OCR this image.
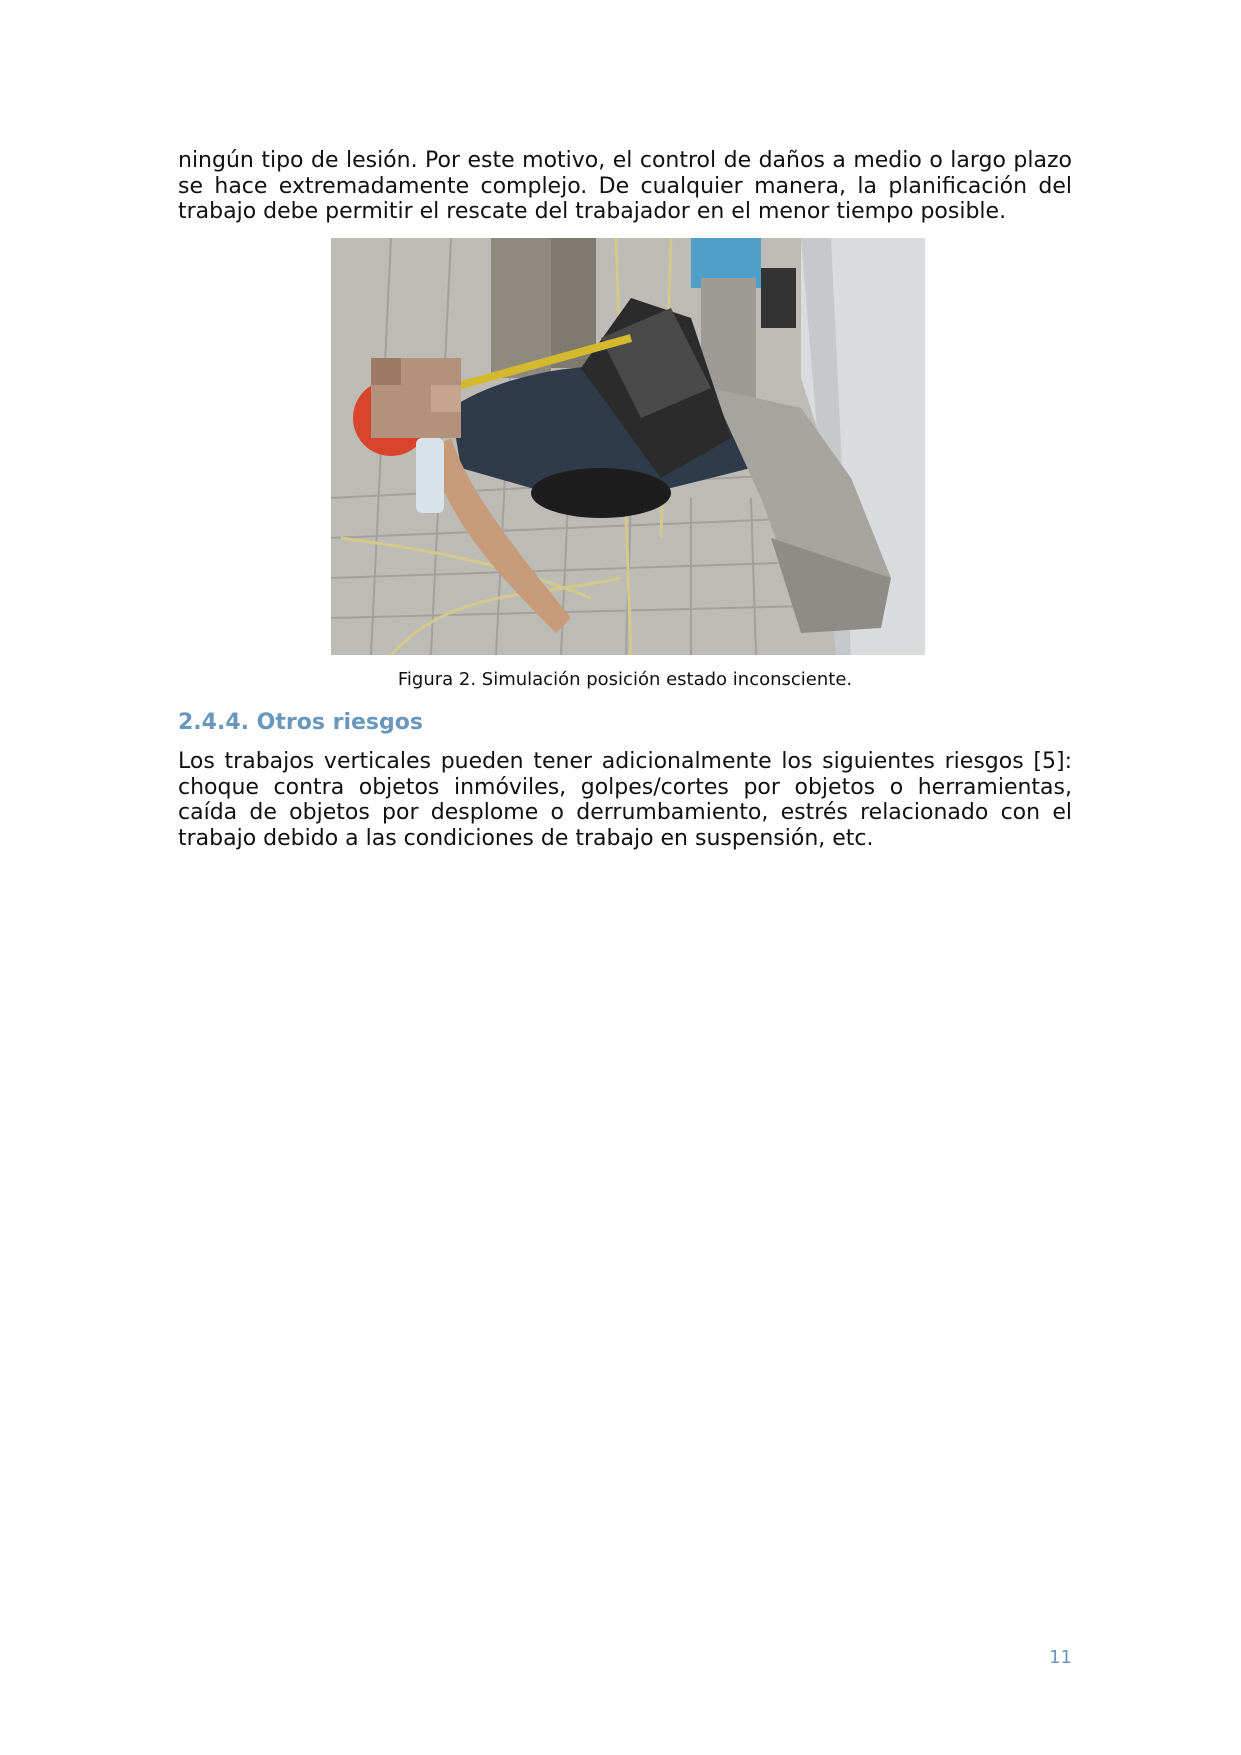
ningún tipo de lesión. Por este motivo, el control de daños a medio o largo plazo se hace extremadamente complejo. De cualquier manera, la planificación del trabajo debe permitir el rescate del trabajador en el menor tiempo posible.

Figura 2. Simulación posición estado inconsciente.

2.4.4. Otros riesgos

Los trabajos verticales pueden tener adicionalmente los siguientes riesgos [5]: choque contra objetos inmóviles, golpes/cortes por objetos o herramientas, caída de objetos por desplome o derrumbamiento, estrés relacionado con el trabajo debido a las condiciones de trabajo en suspensión, etc.

11
